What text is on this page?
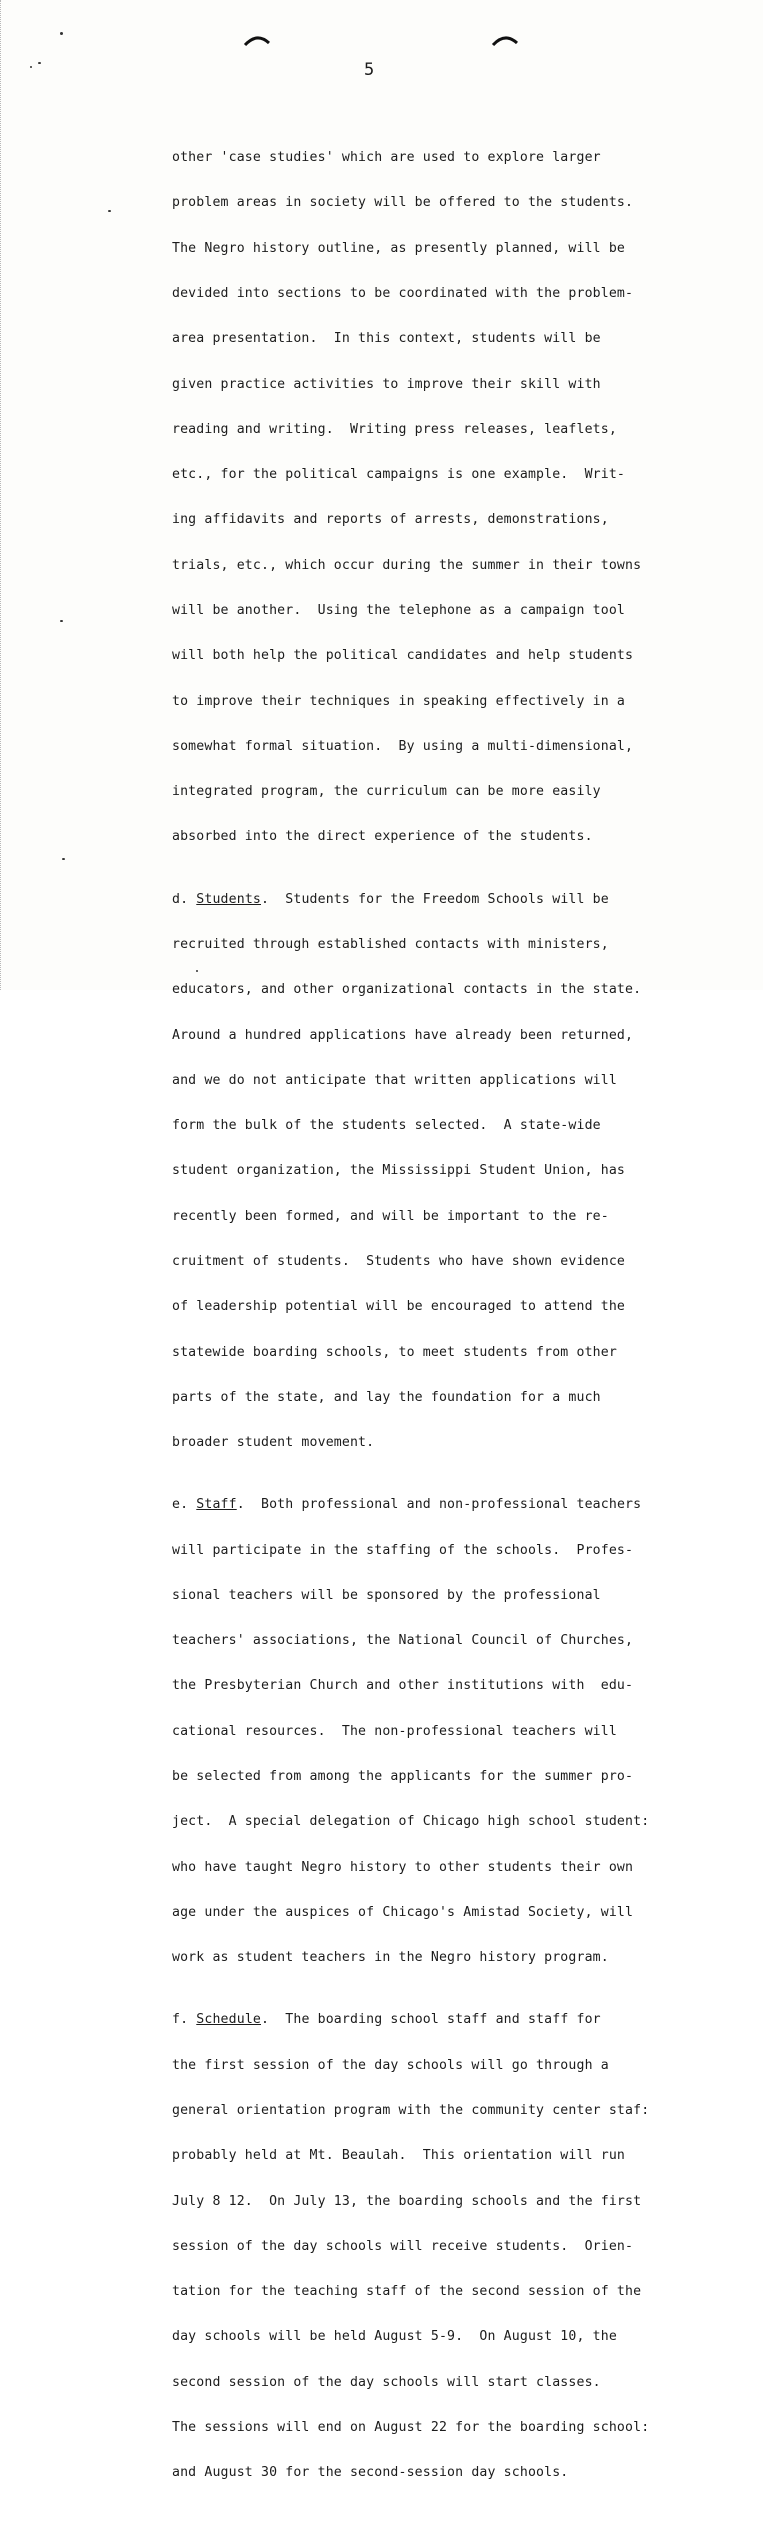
5

other 'case studies' which are used to explore larger

problem areas in society will be offered to the students.

The Negro history outline, as presently planned, will be

devided into sections to be coordinated with the problem-

area presentation.  In this context, students will be

given practice activities to improve their skill with

reading and writing.  Writing press releases, leaflets,

etc., for the political campaigns is one example.  Writ-

ing affidavits and reports of arrests, demonstrations,

trials, etc., which occur during the summer in their towns

will be another.  Using the telephone as a campaign tool

will both help the political candidates and help students

to improve their techniques in speaking effectively in a

somewhat formal situation.  By using a multi-dimensional,

integrated program, the curriculum can be more easily

absorbed into the direct experience of the students.

d. Students.  Students for the Freedom Schools will be

recruited through established contacts with ministers,

educators, and other organizational contacts in the state.

Around a hundred applications have already been returned,

and we do not anticipate that written applications will

form the bulk of the students selected.  A state-wide

student organization, the Mississippi Student Union, has

recently been formed, and will be important to the re-

cruitment of students.  Students who have shown evidence

of leadership potential will be encouraged to attend the

statewide boarding schools, to meet students from other

parts of the state, and lay the foundation for a much

broader student movement.

e. Staff.  Both professional and non-professional teachers

will participate in the staffing of the schools.  Profes-

sional teachers will be sponsored by the professional

teachers' associations, the National Council of Churches,

the Presbyterian Church and other institutions with  edu-

cational resources.  The non-professional teachers will

be selected from among the applicants for the summer pro-

ject.  A special delegation of Chicago high school student:

who have taught Negro history to other students their own

age under the auspices of Chicago's Amistad Society, will

work as student teachers in the Negro history program.

f. Schedule.  The boarding school staff and staff for

the first session of the day schools will go through a

general orientation program with the community center staf:

probably held at Mt. Beaulah.  This orientation will run

July 8 12.  On July 13, the boarding schools and the first

session of the day schools will receive students.  Orien-

tation for the teaching staff of the second session of the

day schools will be held August 5-9.  On August 10, the

second session of the day schools will start classes.

The sessions will end on August 22 for the boarding school:

and August 30 for the second-session day schools.
